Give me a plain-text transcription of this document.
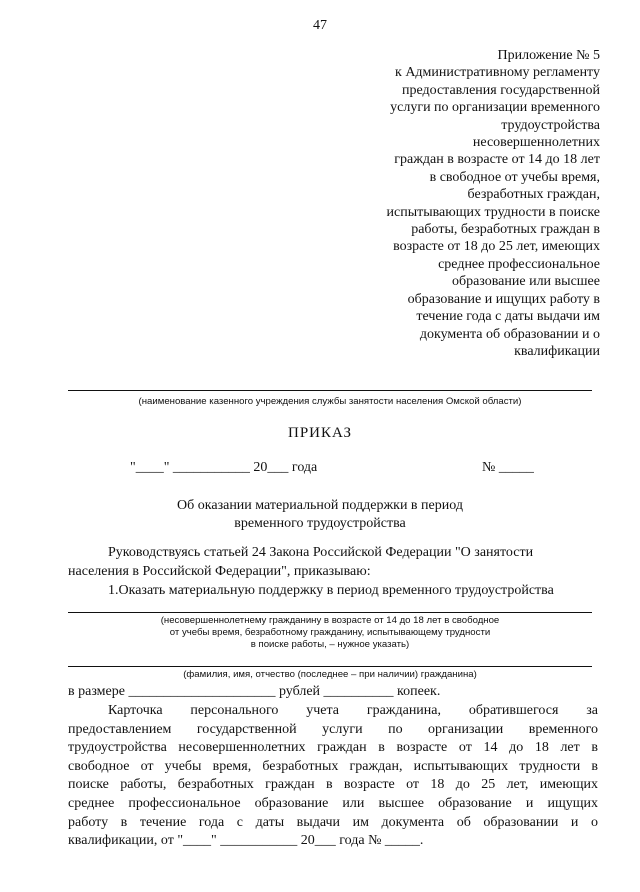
47
Приложение № 5
к Административному регламенту
предоставления государственной
услуги по организации временного
трудоустройства
несовершеннолетних
граждан в возрасте от 14 до 18 лет
в свободное от учебы время,
безработных граждан,
испытывающих трудности в поиске
работы, безработных граждан в
возрасте от 18 до 25 лет, имеющих
среднее профессиональное
образование или высшее
образование и ищущих работу в
течение года с даты выдачи им
документа об образовании и о
квалификации
(наименование казенного учреждения службы занятости населения Омской области)
ПРИКАЗ
"____" ___________ 20___ года	№ _____
Об оказании материальной поддержки в период
временного трудоустройства
Руководствуясь статьей 24 Закона Российской Федерации "О занятости
населения в Российской Федерации", приказываю:
1.Оказать материальную поддержку в период временного трудоустройства
(несовершеннолетнему гражданину в возрасте от 14 до 18 лет в свободное
от учебы время, безработному гражданину, испытывающему трудности
в поиске работы, – нужное указать)
(фамилия, имя, отчество (последнее – при наличии) гражданина)
в размере _____________________ рублей __________ копеек.
Карточка персонального учета гражданина, обратившегося за
предоставлением государственной услуги по организации временного
трудоустройства несовершеннолетних граждан в возрасте от 14 до 18 лет в
свободное от учебы время, безработных граждан, испытывающих трудности в
поиске работы, безработных граждан в возрасте от 18 до 25 лет, имеющих
среднее профессиональное образование или высшее образование и ищущих
работу в течение года с даты выдачи им документа об образовании и о
квалификации, от "____" ___________ 20___ года № _____.
